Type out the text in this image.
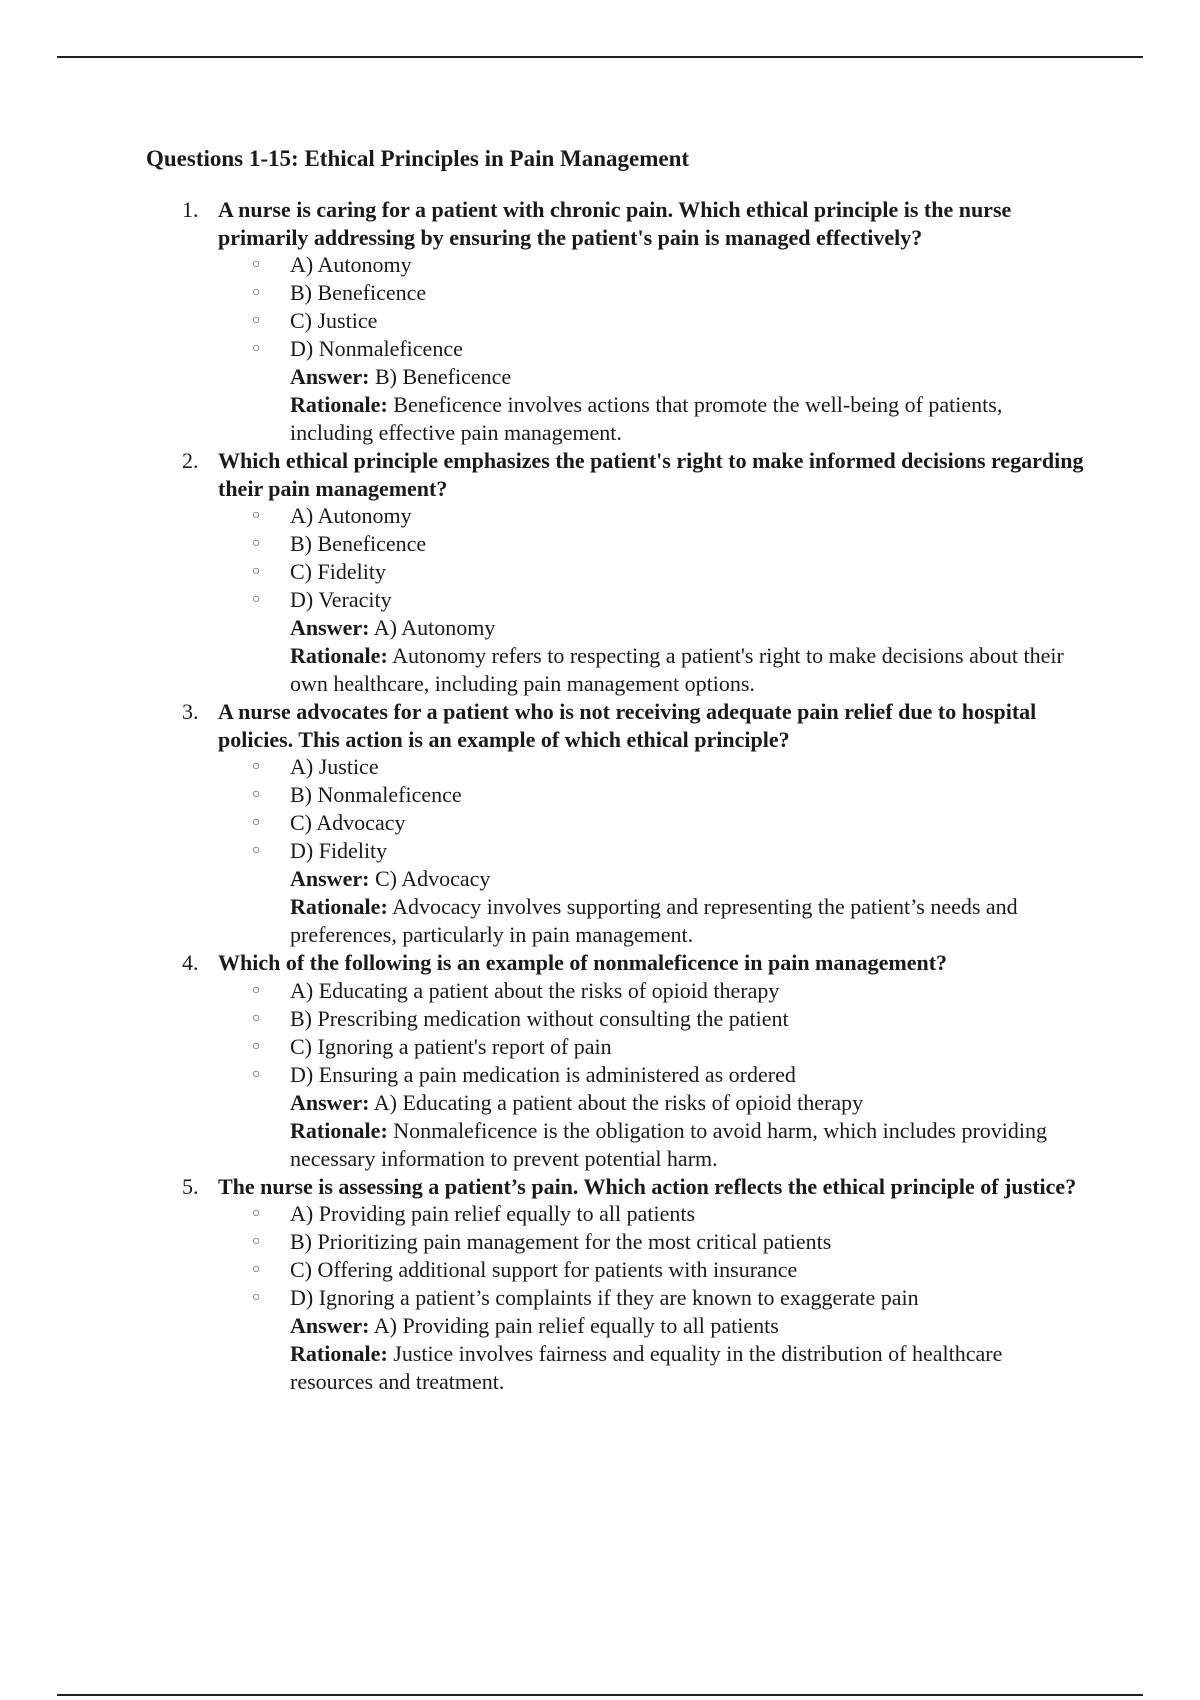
Questions 1-15: Ethical Principles in Pain Management
1. A nurse is caring for a patient with chronic pain. Which ethical principle is the nurse primarily addressing by ensuring the patient's pain is managed effectively?
○ A) Autonomy
○ B) Beneficence
○ C) Justice
○ D) Nonmaleficence
Answer: B) Beneficence
Rationale: Beneficence involves actions that promote the well-being of patients, including effective pain management.
2. Which ethical principle emphasizes the patient's right to make informed decisions regarding their pain management?
○ A) Autonomy
○ B) Beneficence
○ C) Fidelity
○ D) Veracity
Answer: A) Autonomy
Rationale: Autonomy refers to respecting a patient's right to make decisions about their own healthcare, including pain management options.
3. A nurse advocates for a patient who is not receiving adequate pain relief due to hospital policies. This action is an example of which ethical principle?
○ A) Justice
○ B) Nonmaleficence
○ C) Advocacy
○ D) Fidelity
Answer: C) Advocacy
Rationale: Advocacy involves supporting and representing the patient’s needs and preferences, particularly in pain management.
4. Which of the following is an example of nonmaleficence in pain management?
○ A) Educating a patient about the risks of opioid therapy
○ B) Prescribing medication without consulting the patient
○ C) Ignoring a patient's report of pain
○ D) Ensuring a pain medication is administered as ordered
Answer: A) Educating a patient about the risks of opioid therapy
Rationale: Nonmaleficence is the obligation to avoid harm, which includes providing necessary information to prevent potential harm.
5. The nurse is assessing a patient’s pain. Which action reflects the ethical principle of justice?
○ A) Providing pain relief equally to all patients
○ B) Prioritizing pain management for the most critical patients
○ C) Offering additional support for patients with insurance
○ D) Ignoring a patient’s complaints if they are known to exaggerate pain
Answer: A) Providing pain relief equally to all patients
Rationale: Justice involves fairness and equality in the distribution of healthcare resources and treatment.
